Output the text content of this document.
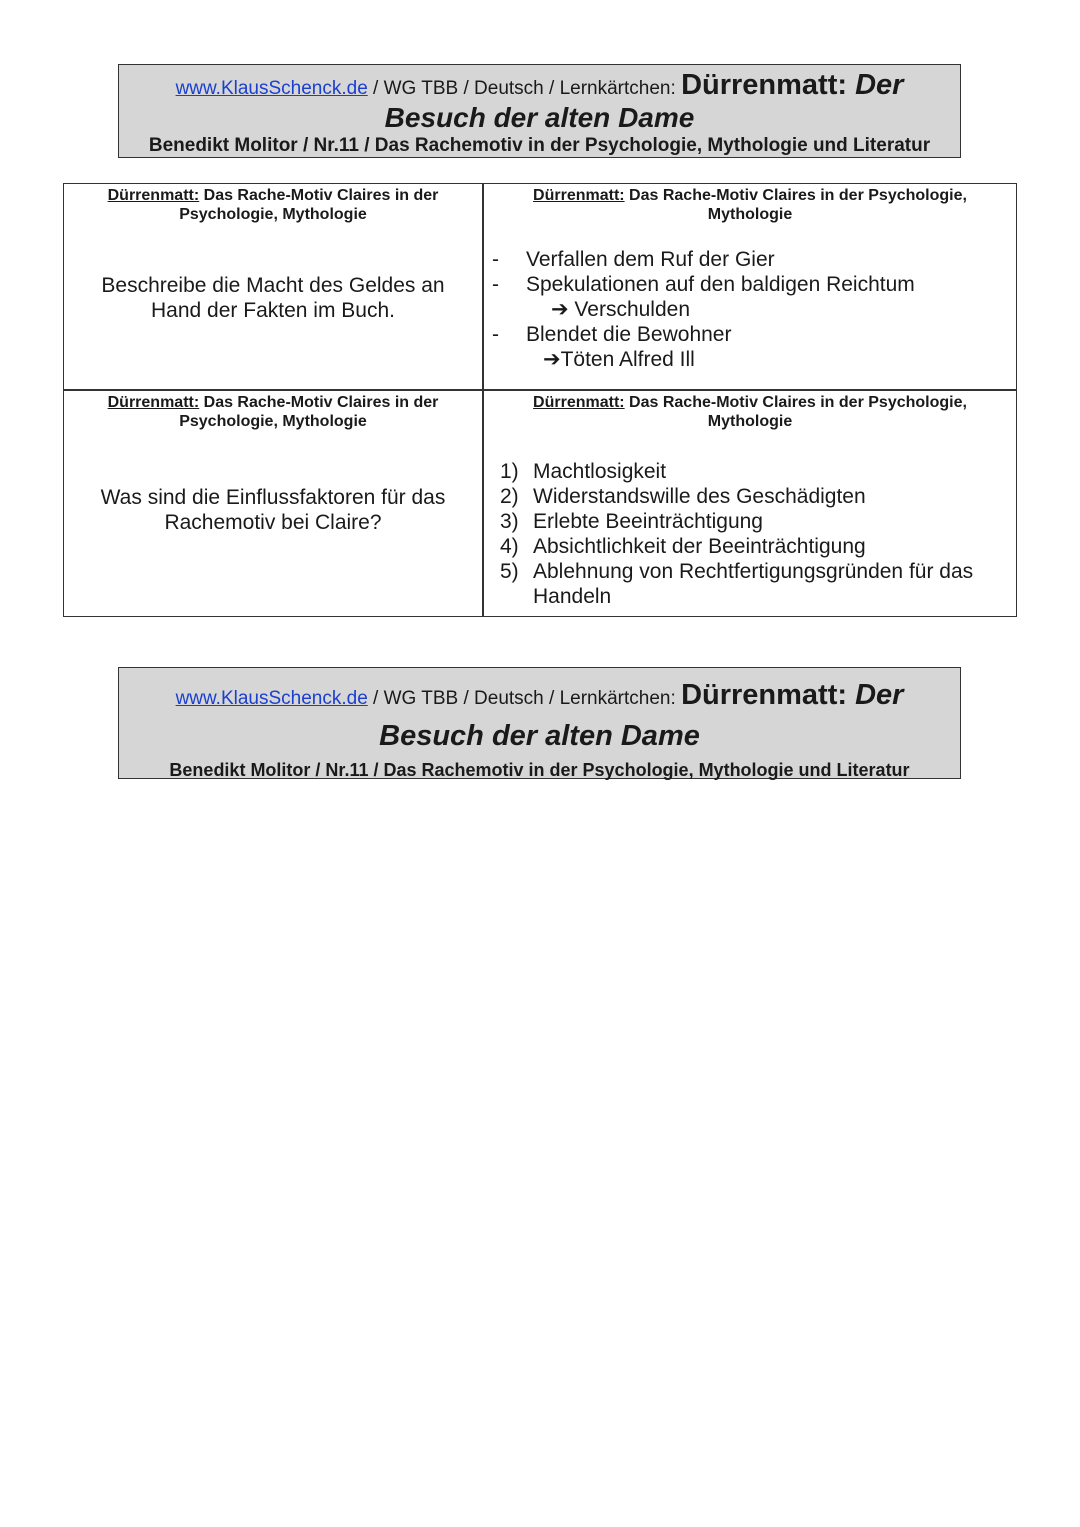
www.KlausSchenck.de / WG TBB / Deutsch / Lernkärtchen: Dürrenmatt: Der
Besuch der alten Dame
Benedikt Molitor / Nr.11 / Das Rachemotiv in der Psychologie, Mythologie und Literatur
Dürrenmatt: Das Rache-Motiv Claires in der Psychologie, Mythologie
Beschreibe die Macht des Geldes an Hand der Fakten im Buch.
Dürrenmatt: Das Rache-Motiv Claires in der Psychologie, Mythologie
- Verfallen dem Ruf der Gier
- Spekulationen auf den baldigen Reichtum
➔ Verschulden
- Blendet die Bewohner
➔Töten Alfred Ill
Dürrenmatt: Das Rache-Motiv Claires in der Psychologie, Mythologie
Was sind die Einflussfaktoren für das Rachemotiv bei Claire?
Dürrenmatt: Das Rache-Motiv Claires in der Psychologie, Mythologie
1) Machtlosigkeit
2) Widerstandswille des Geschädigten
3) Erlebte Beeinträchtigung
4) Absichtlichkeit der Beeinträchtigung
5) Ablehnung von Rechtfertigungsgründen für das
Handeln
www.KlausSchenck.de / WG TBB / Deutsch / Lernkärtchen: Dürrenmatt: Der
Besuch der alten Dame
Benedikt Molitor / Nr.11 / Das Rachemotiv in der Psychologie, Mythologie und Literatur
